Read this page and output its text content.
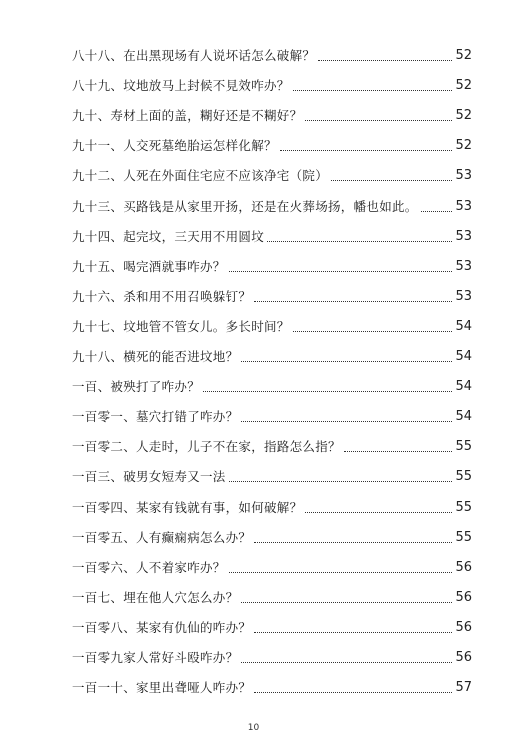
八十八、在出黑现场有人说坏话怎么破解？	52
八十九、坟地放马上封候不見效咋办？	52
九十、寿材上面的盖，糊好还是不糊好？	52
九十一、人交死墓绝胎运怎样化解？	52
九十二、人死在外面住宅应不应该净宅（院）	53
九十三、买路钱是从家里开扬，还是在火葬场扬，幡也如此。	53
九十四、起完坟，三天用不用圆坟	53
九十五、喝完酒就事咋办？	53
九十六、杀和用不用召唤躲钉？	53
九十七、坟地管不管女儿。多长时间？	54
九十八、横死的能否进坟地？	54
一百、被殃打了咋办？	54
一百零一、墓穴打错了咋办？	54
一百零二、人走时，儿子不在家，指路怎么指？	55
一百三、破男女短寿又一法	55
一百零四、某家有钱就有事，如何破解？	55
一百零五、人有癫痫病怎么办？	55
一百零六、人不着家咋办？	56
一百七、埋在他人穴怎么办？	56
一百零八、某家有仇仙的咋办？	56
一百零九家人常好斗殴咋办？	56
一百一十、家里出聋哑人咋办？	57
10
